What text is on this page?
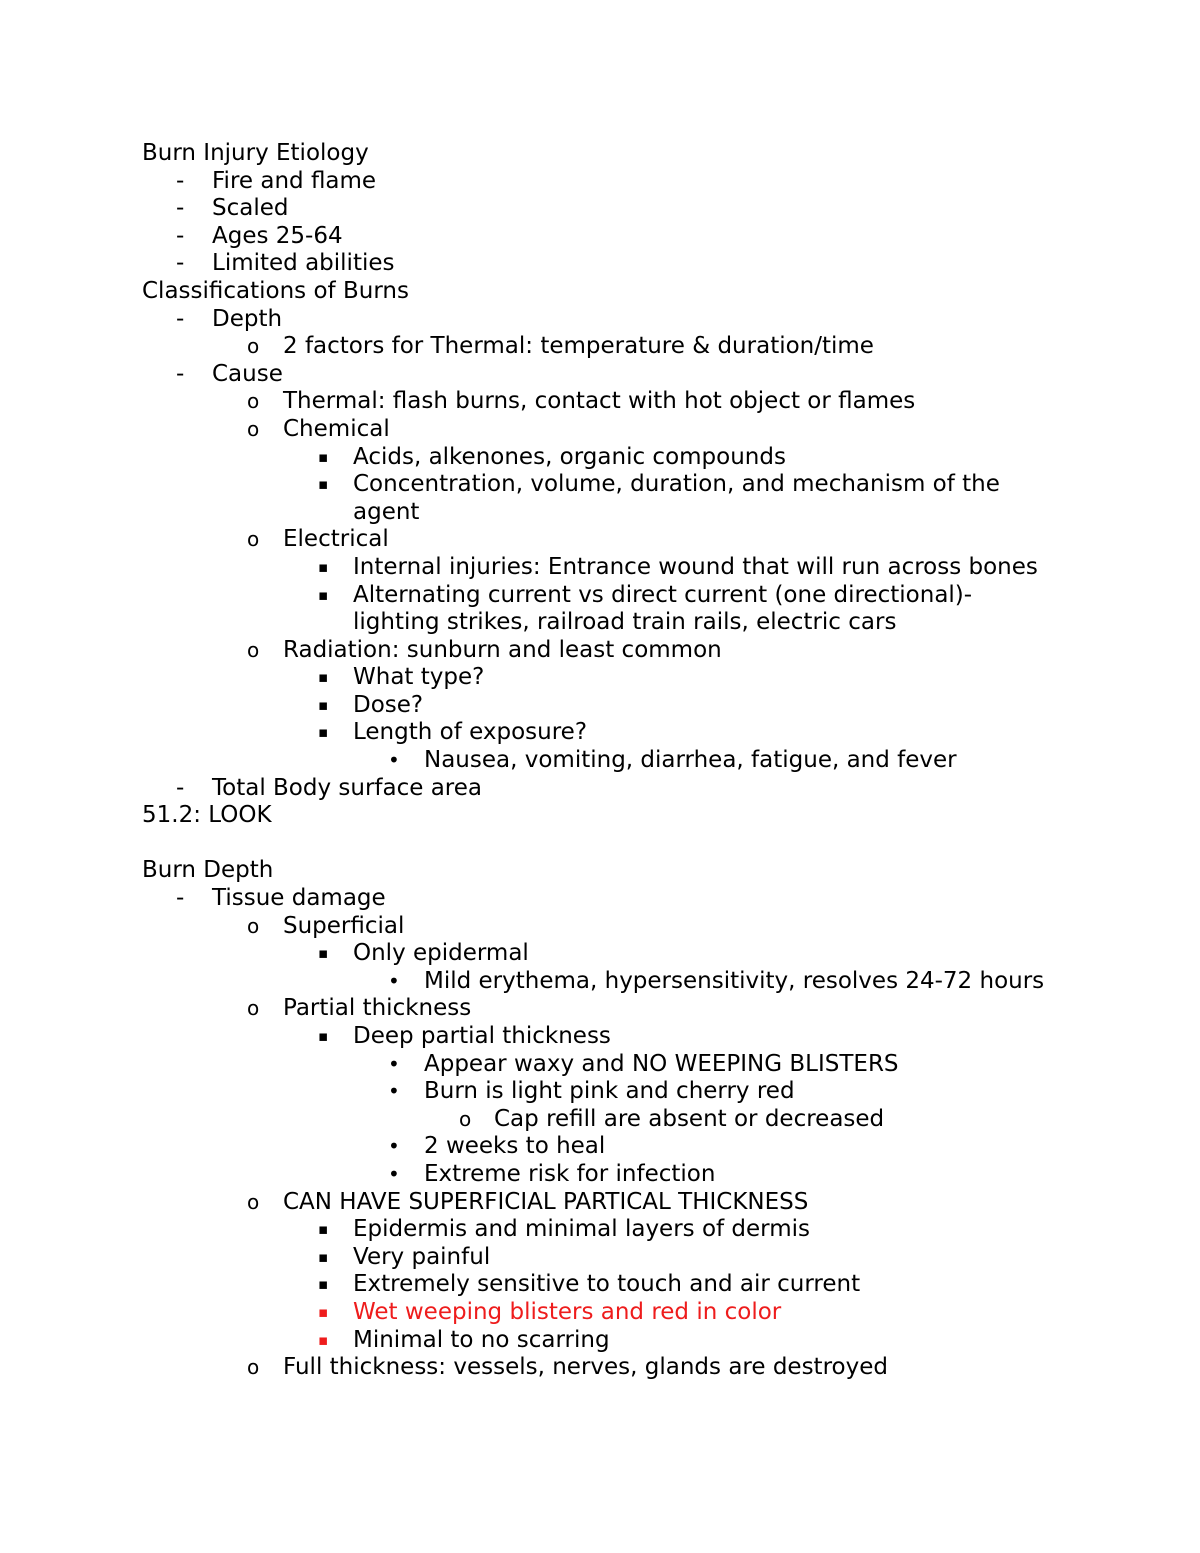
Burn Injury Etiology
-	Fire and flame
-	Scaled
-	Ages 25-64
-	Limited abilities
Classifications of Burns
-	Depth
o	2 factors for Thermal: temperature & duration/time
-	Cause
o	Thermal: flash burns, contact with hot object or flames
o	Chemical
▪	Acids, alkenones, organic compounds
▪	Concentration, volume, duration, and mechanism of the
agent
o	Electrical
▪	Internal injuries: Entrance wound that will run across bones
▪	Alternating current vs direct current (one directional)-
lighting strikes, railroad train rails, electric cars
o	Radiation: sunburn and least common
▪	What type?
▪	Dose?
▪	Length of exposure?
•	Nausea, vomiting, diarrhea, fatigue, and fever
-	Total Body surface area
51.2: LOOK
Burn Depth
-	Tissue damage
o	Superficial
▪	Only epidermal
•	Mild erythema, hypersensitivity, resolves 24-72 hours
o	Partial thickness
▪	Deep partial thickness
•	Appear waxy and NO WEEPING BLISTERS
•	Burn is light pink and cherry red
o Cap refill are absent or decreased
•	2 weeks to heal
•	Extreme risk for infection
o	CAN HAVE SUPERFICIAL PARTICAL THICKNESS
▪	Epidermis and minimal layers of dermis
▪	Very painful
▪	Extremely sensitive to touch and air current
▪	Wet weeping blisters and red in color
▪	Minimal to no scarring
o	Full thickness: vessels, nerves, glands are destroyed
